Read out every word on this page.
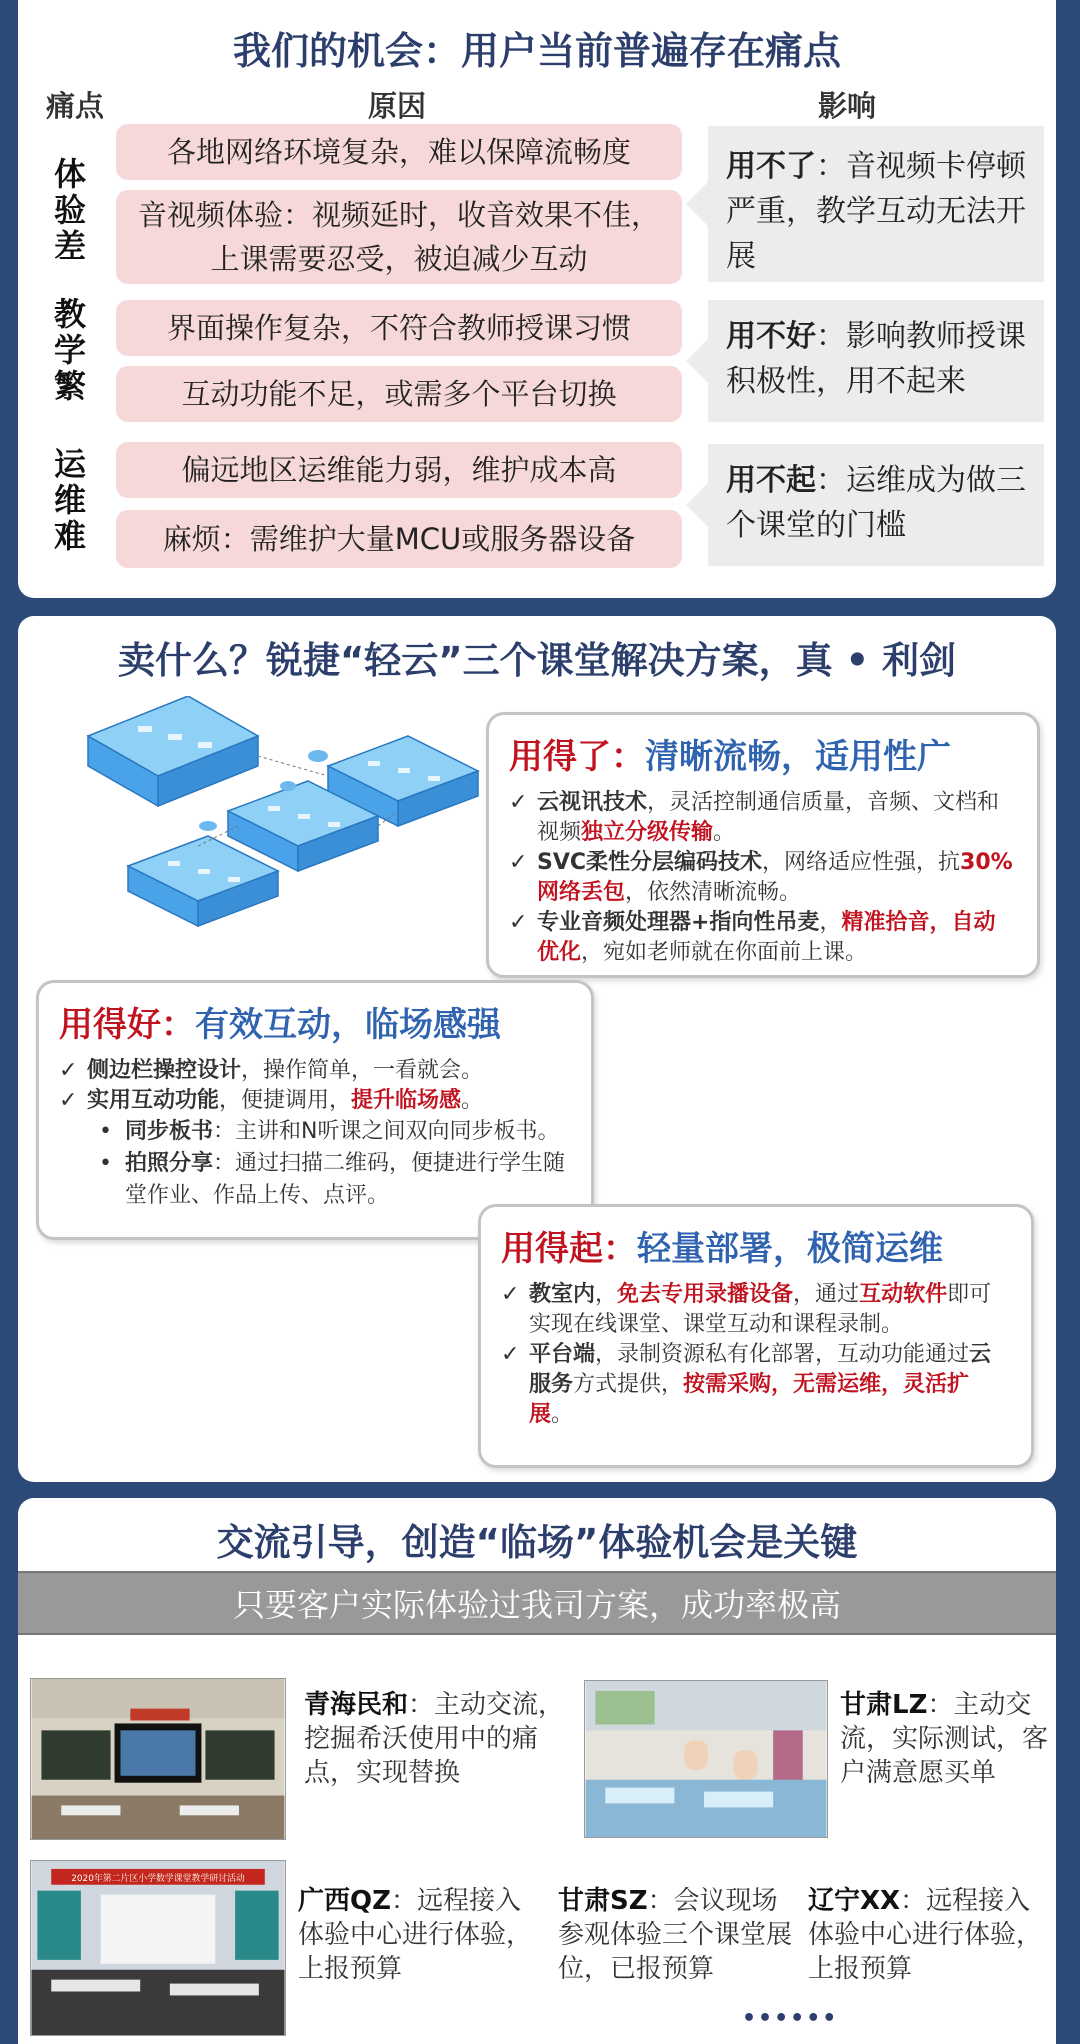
我们的机会：用户当前普遍存在痛点
痛点	原因	影响
体验差
各地网络环境复杂，难以保障流畅度
音视频体验：视频延时，收音效果不佳，上课需要忍受，被迫减少互动
用不了：音视频卡停顿严重，教学互动无法开展
教学繁
界面操作复杂，不符合教师授课习惯
互动功能不足，或需多个平台切换
用不好：影响教师授课积极性，用不起来
运维难
偏远地区运维能力弱，维护成本高
麻烦：需维护大量MCU或服务器设备
用不起：运维成为做三个课堂的门槛
卖什么？锐捷“轻云”三个课堂解决方案，真 • 利剑
用得了：清晰流畅，适用性广
✓ 云视讯技术，灵活控制通信质量，音频、文档和视频独立分级传输。
✓ SVC柔性分层编码技术，网络适应性强，抗30%网络丢包，依然清晰流畅。
✓ 专业音频处理器+指向性吊麦，精准拾音，自动优化，宛如老师就在你面前上课。
用得好：有效互动，临场感强
✓ 侧边栏操控设计，操作简单，一看就会。
✓ 实用互动功能，便捷调用，提升临场感。
• 同步板书：主讲和N听课之间双向同步板书。
• 拍照分享：通过扫描二维码，便捷进行学生随堂作业、作品上传、点评。
用得起：轻量部署，极简运维
✓ 教室内，免去专用录播设备，通过互动软件即可实现在线课堂、课堂互动和课程录制。
✓ 平台端，录制资源私有化部署，互动功能通过云服务方式提供，按需采购，无需运维，灵活扩展。
交流引导，创造“临场”体验机会是关键
只要客户实际体验过我司方案，成功率极高
青海民和：主动交流，挖掘希沃使用中的痛点，实现替换
甘肃LZ：主动交流，实际测试，客户满意愿买单
2020年第二片区小学数学课堂教学研讨活动
广西QZ：远程接入体验中心进行体验，上报预算
甘肃SZ：会议现场参观体验三个课堂展位，已报预算
辽宁XX：远程接入体验中心进行体验，上报预算
••••••
